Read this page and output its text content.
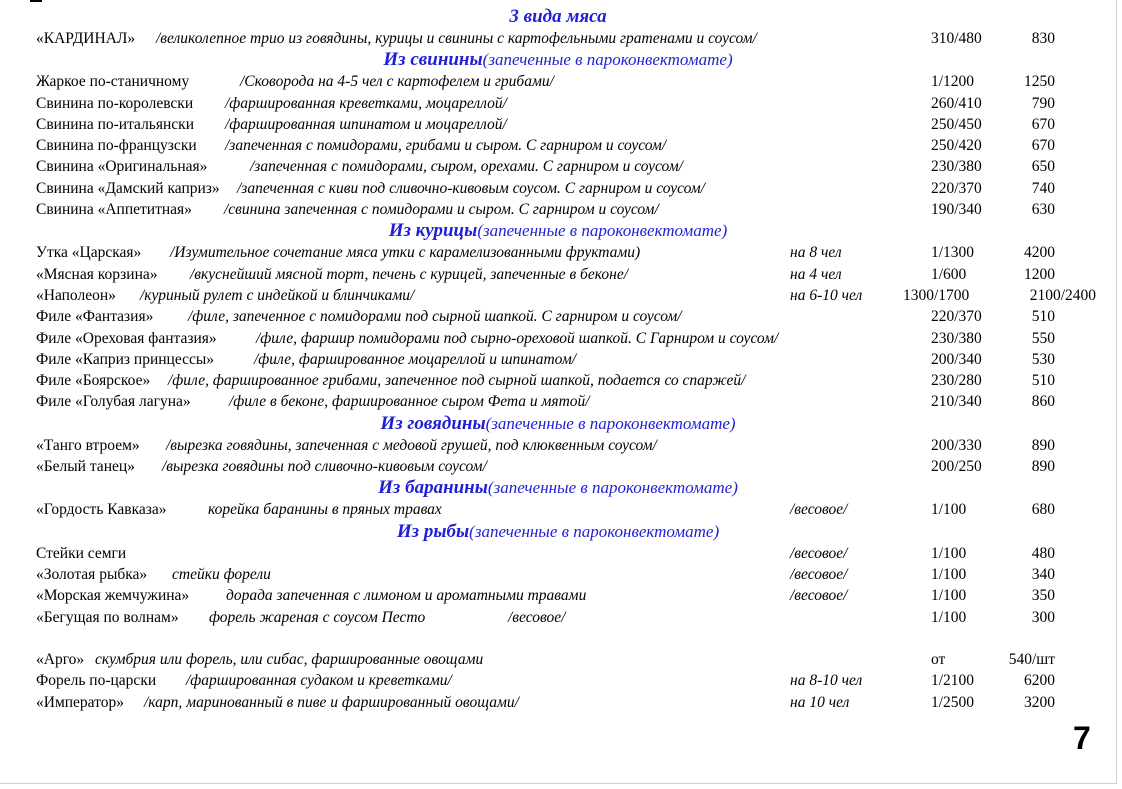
3 вида мяса
«КАРДИНАЛ» /великолепное трио из говядины, курицы и свинины с картофельными гратенами и соусом/	310/480	830
Из свинины(запеченные в пароконвектомате)
Жаркое по-станичному	/Сковорода на 4-5 чел с картофелем и грибами/	1/1200	1250
Свинина по-королевски /фаршированная креветками, моцареллой/	260/410	790
Свинина по-итальянски /фаршированная шпинатом и моцареллой/	250/450	670
Свинина по-французски /запеченная с помидорами, грибами и сыром. С гарниром и соусом/	250/420	670
Свинина «Оригинальная»	/запеченная с помидорами, сыром, орехами. С гарниром и соусом/	230/380	650
Свинина «Дамский каприз» /запеченная с киви под сливочно-кивовым соусом. С гарниром и соусом/	220/370	740
Свинина «Аппетитная» /свинина запеченная с помидорами и сыром. С гарниром и соусом/	190/340	630
Из курицы(запеченные в пароконвектомате)
Утка «Царская» /Изумительное сочетание мяса утки с карамелизованными фруктами)	на 8 чел	1/1300	4200
«Мясная корзина» /вкуснейший мясной торт, печень с курицей, запеченные в беконе/	на 4 чел	1/600	1200
«Наполеон» /куриный рулет с индейкой и блинчиками/	на 6-10 чел	1300/1700	2100/2400
Филе «Фантазия» /филе, запеченное с помидорами под сырной шапкой. С гарниром и соусом/	220/370	510
Филе «Ореховая фантазия»	/филе, фаршир помидорами под сырно-ореховой шапкой. С Гарниром и соусом/	230/380	550
Филе «Каприз принцессы»	/филе, фаршированное моцареллой и шпинатом/	200/340	530
Филе «Боярское» /филе, фаршированное грибами, запеченное под сырной шапкой, подается со спаржей/	230/280	510
Филе «Голубая лагуна» /филе в беконе, фаршированное сыром Фета и мятой/	210/340	860
Из говядины(запеченные в пароконвектомате)
«Танго втроем» /вырезка говядины, запеченная с медовой грушей, под клюквенным соусом/	200/330	890
«Белый танец» /вырезка говядины под сливочно-кивовым соусом/	200/250	890
Из баранины(запеченные в пароконвектомате)
«Гордость Кавказа»	корейка баранины в пряных травах	/весовое/	1/100	680
Из рыбы(запеченные в пароконвектомате)
Стейки семги	/весовое/	1/100	480
«Золотая рыбка» стейки форели	/весовое/	1/100	340
«Морская жемчужина» дорада запеченная с лимоном и ароматными травами	/весовое/	1/100	350
«Бегущая по волнам» форель жареная с соусом Песто	/весовое/	1/100	300
«Арго» скумбрия или форель, или сибас, фаршированные овощами	от	540/шт
Форель по-царски /фаршированная судаком и креветками/	на 8-10 чел	1/2100	6200
«Император» /карп, маринованный в пиве и фаршированный овощами/	на 10 чел	1/2500	3200
7
